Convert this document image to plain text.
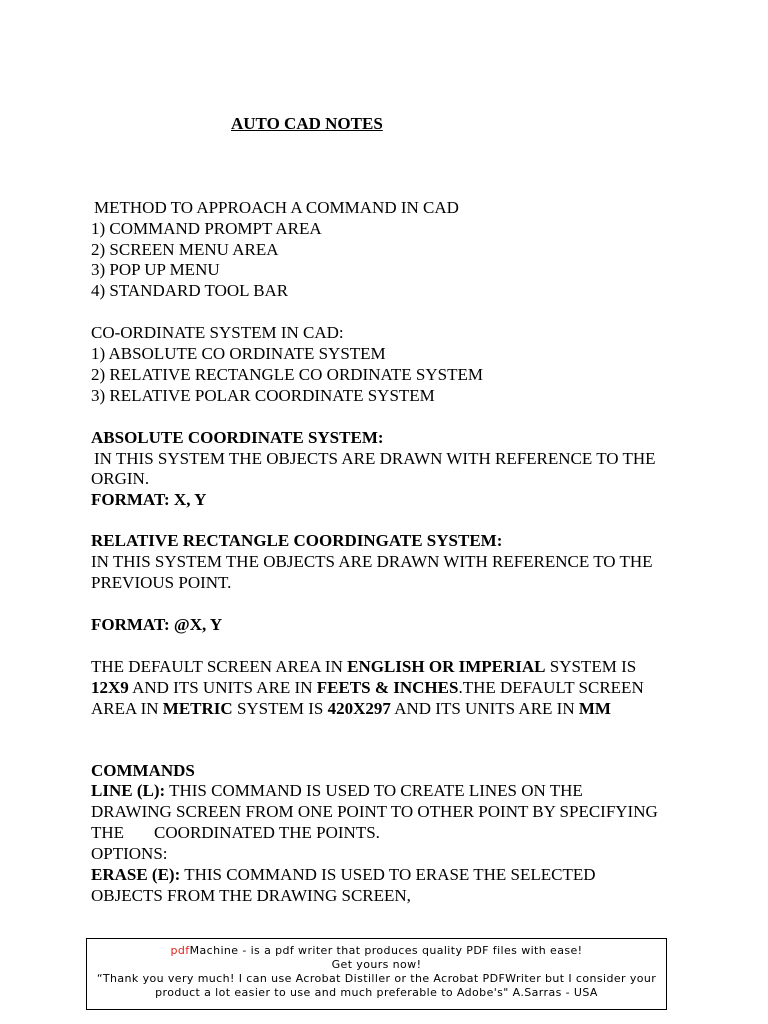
AUTO CAD NOTES
METHOD TO APPROACH A COMMAND IN CAD
1) COMMAND PROMPT AREA
2) SCREEN MENU AREA
3) POP UP MENU
4) STANDARD TOOL BAR
CO-ORDINATE SYSTEM IN CAD:
1) ABSOLUTE CO ORDINATE SYSTEM
2) RELATIVE RECTANGLE CO ORDINATE SYSTEM
3) RELATIVE POLAR COORDINATE SYSTEM
ABSOLUTE COORDINATE SYSTEM:
IN THIS SYSTEM THE OBJECTS ARE DRAWN WITH REFERENCE TO THE
ORGIN.
FORMAT: X, Y
RELATIVE RECTANGLE COORDINGATE SYSTEM:
IN THIS SYSTEM THE OBJECTS ARE DRAWN WITH REFERENCE TO THE
PREVIOUS POINT.
FORMAT: @X, Y
THE DEFAULT SCREEN AREA IN ENGLISH OR IMPERIAL SYSTEM IS
12X9 AND ITS UNITS ARE IN FEETS & INCHES.THE DEFAULT SCREEN
AREA IN METRIC SYSTEM IS 420X297 AND ITS UNITS ARE IN MM
COMMANDS
LINE (L): THIS COMMAND IS USED TO CREATE LINES ON THE
DRAWING SCREEN FROM ONE POINT TO OTHER POINT BY SPECIFYING
THE COORDINATED THE POINTS.
OPTIONS:
ERASE (E): THIS COMMAND IS USED TO ERASE THE SELECTED
OBJECTS FROM THE DRAWING SCREEN,
pdfMachine - is a pdf writer that produces quality PDF files with ease!
Get yours now!
“Thank you very much! I can use Acrobat Distiller or the Acrobat PDFWriter but I consider your
product a lot easier to use and much preferable to Adobe's" A.Sarras - USA
